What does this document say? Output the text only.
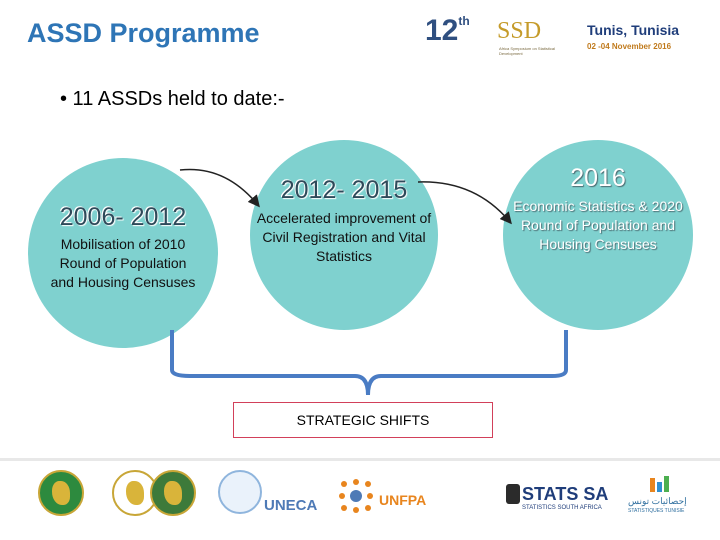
ASSD Programme	12th SSD
Africa Symposium on Statistical Development
Tunis, Tunisia
02 -04 November 2016
• 11 ASSDs held to date:-
2006- 2012
Mobilisation of 2010 Round of Population and Housing Censuses
2012- 2015
Accelerated improvement of Civil Registration and Vital Statistics
2016
Economic Statistics & 2020 Round of Population and Housing Censuses
STRATEGIC SHIFTS
UNECA	UNFPA	STATS SA
STATISTICS SOUTH AFRICA
إحصائيات تونس
STATISTIQUES TUNISIE
